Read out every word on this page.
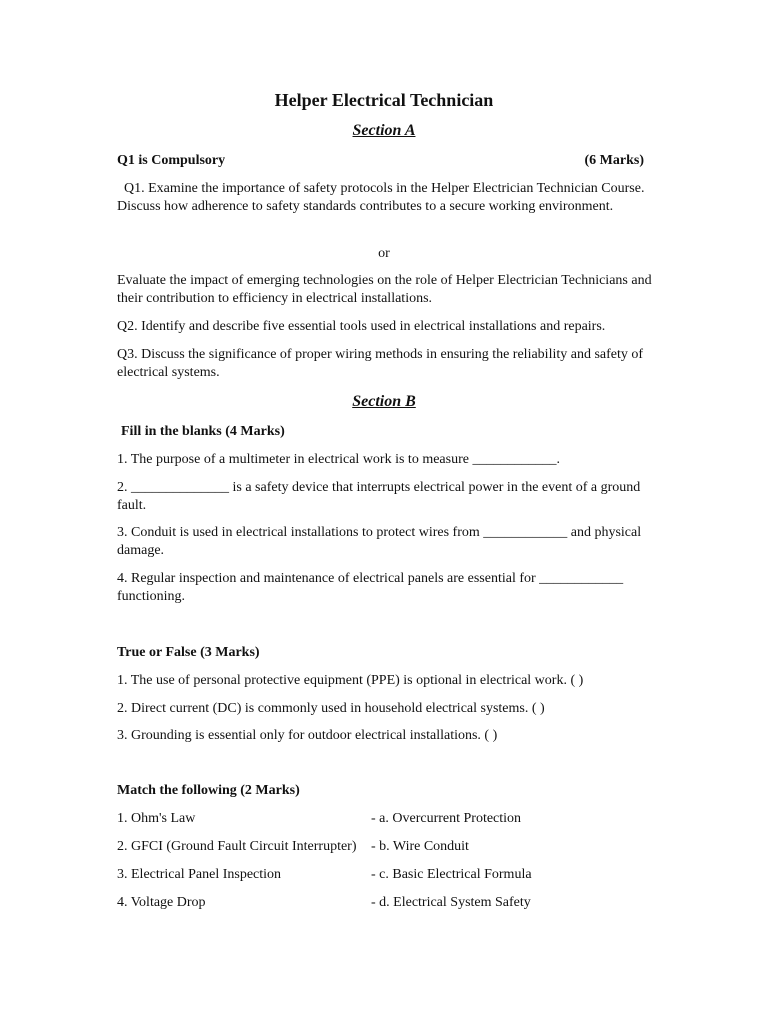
Helper Electrical Technician
Section A
Q1 is Compulsory	(6 Marks)
Q1. Examine the importance of safety protocols in the Helper Electrician Technician Course. Discuss how adherence to safety standards contributes to a secure working environment.
or
Evaluate the impact of emerging technologies on the role of Helper Electrician Technicians and their contribution to efficiency in electrical installations.
Q2. Identify and describe five essential tools used in electrical installations and repairs.
Q3. Discuss the significance of proper wiring methods in ensuring the reliability and safety of electrical systems.
Section B
Fill in the blanks (4 Marks)
1. The purpose of a multimeter in electrical work is to measure ____________.
2. ______________ is a safety device that interrupts electrical power in the event of a ground fault.
3. Conduit is used in electrical installations to protect wires from ____________ and physical damage.
4. Regular inspection and maintenance of electrical panels are essential for ____________ functioning.
True or False (3 Marks)
1. The use of personal protective equipment (PPE) is optional in electrical work. ( )
2. Direct current (DC) is commonly used in household electrical systems. ( )
3. Grounding is essential only for outdoor electrical installations. ( )
Match the following (2 Marks)
1. Ohm's Law	- a. Overcurrent Protection
2. GFCI (Ground Fault Circuit Interrupter) - b. Wire Conduit
3. Electrical Panel Inspection	- c. Basic Electrical Formula
4. Voltage Drop	- d. Electrical System Safety
